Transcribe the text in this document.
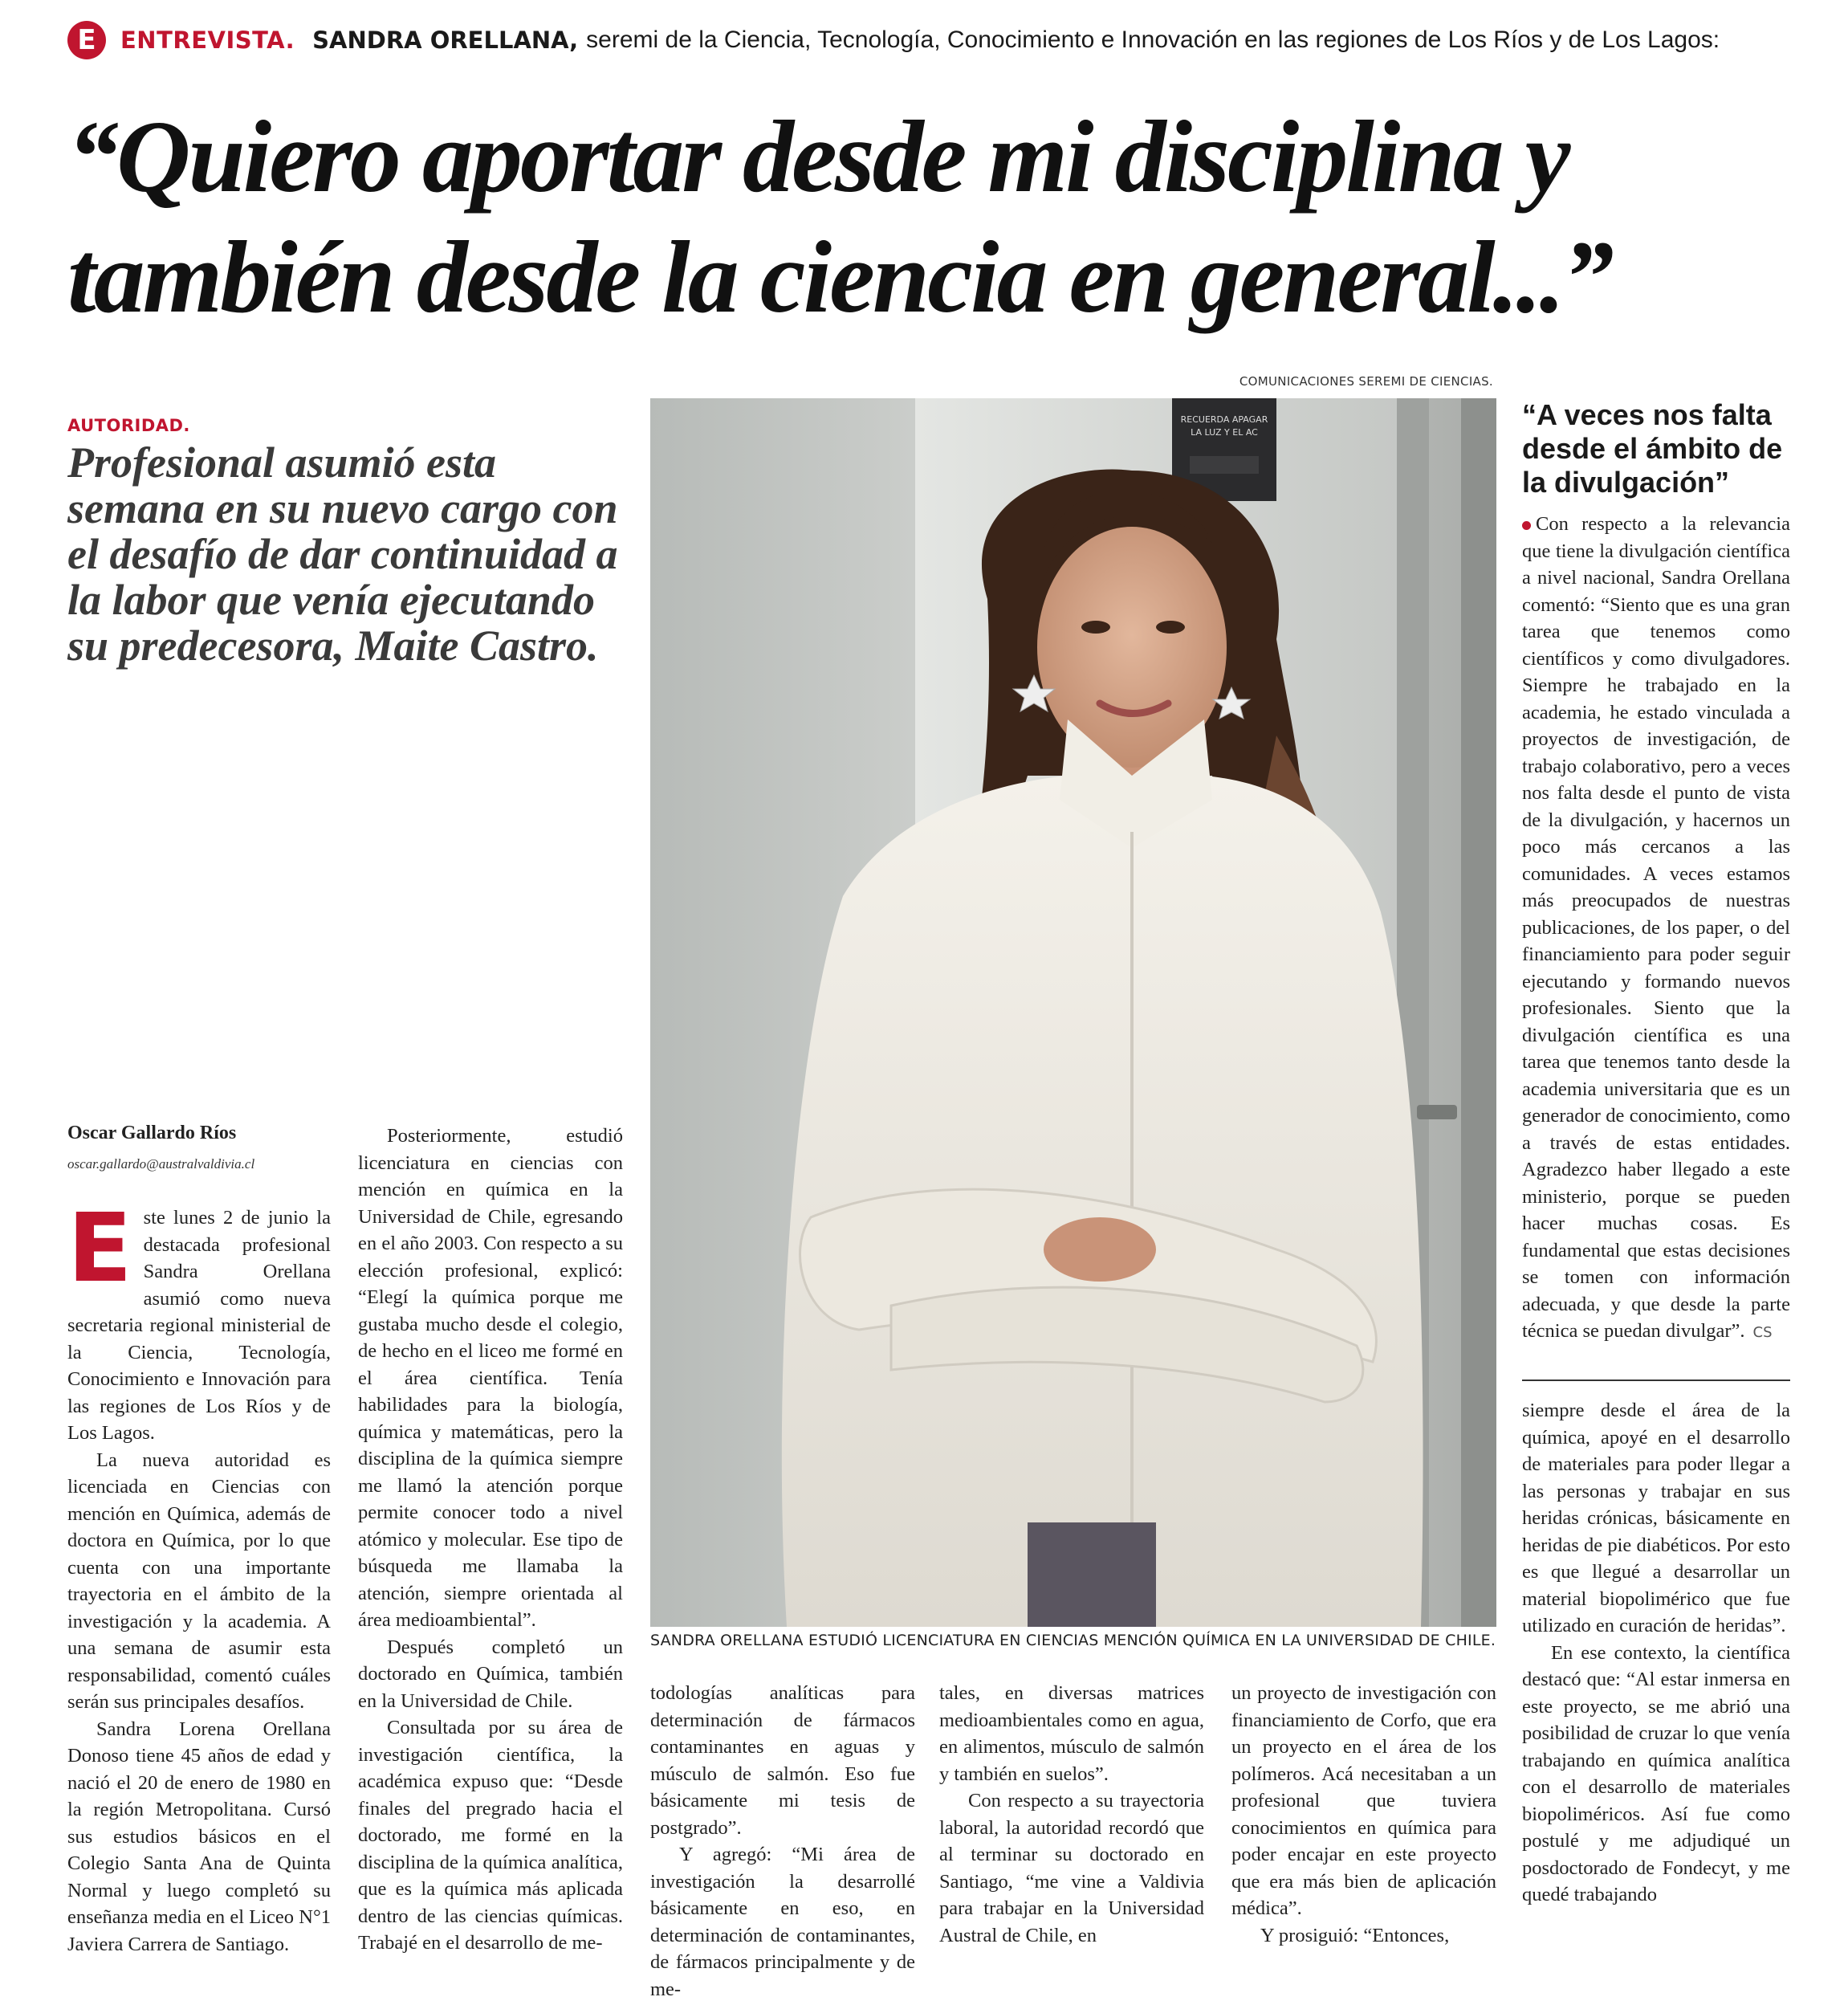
E	ENTREVISTA. SANDRA ORELLANA, seremi de la Ciencia, Tecnología, Conocimiento e Innovación en las regiones de Los Ríos y de Los Lagos:
“Quiero aportar desde mi disciplina y
también desde la ciencia en general...”
COMUNICACIONES SEREMI DE CIENCIAS.
AUTORIDAD.
Profesional asumió esta semana en su nuevo cargo con el desafío de dar continuidad a la labor que venía ejecutando su predecesora, Maite Castro.
RECUERDA APAGAR
LA LUZ Y EL AC
SANDRA ORELLANA ESTUDIÓ LICENCIATURA EN CIENCIAS MENCIÓN QUÍMICA EN LA UNIVERSIDAD DE CHILE.
“A veces nos falta desde el ámbito de la divulgación”
Con respecto a la relevancia que tiene la divulgación científica a nivel nacional, Sandra Orellana comentó: “Siento que es una gran tarea que tenemos como científicos y como divulgadores. Siempre he trabajado en la academia, he estado vinculada a proyectos de investigación, de trabajo colaborativo, pero a veces nos falta desde el punto de vista de la divulgación, y hacernos un poco más cercanos a las comunidades. A veces estamos más preocupados de nuestras publicaciones, de los paper, o del financiamiento para poder seguir ejecutando y formando nuevos profesionales. Siento que la divulgación científica es una tarea que tenemos tanto desde la academia universitaria que es un generador de conocimiento, como a través de estas entidades. Agradezco haber llegado a este ministerio, porque se pueden hacer muchas cosas. Es fundamental que estas decisiones se tomen con información adecuada, y que desde la parte técnica se puedan divulgar”. CS
Oscar Gallardo Ríos
oscar.gallardo@australvaldivia.cl

Este lunes 2 de junio la destacada profesional Sandra Orellana asumió como nueva secretaria regional ministerial de la Ciencia, Tecnología, Conocimiento e Innovación para las regiones de Los Ríos y de Los Lagos.

La nueva autoridad es licenciada en Ciencias con mención en Química, además de doctora en Química, por lo que cuenta con una importante trayectoria en el ámbito de la investigación y la academia. A una semana de asumir esta responsabilidad, comentó cuáles serán sus principales desafíos.

Sandra Lorena Orellana Donoso tiene 45 años de edad y nació el 20 de enero de 1980 en la región Metropolitana. Cursó sus estudios básicos en el Colegio Santa Ana de Quinta Normal y luego completó su enseñanza media en el Liceo N°1 Javiera Carrera de Santiago.

Posteriormente, estudió licenciatura en ciencias con mención en química en la Universidad de Chile, egresando en el año 2003. Con respecto a su elección profesional, explicó: “Elegí la química porque me gustaba mucho desde el colegio, de hecho en el liceo me formé en el área científica. Tenía habilidades para la biología, química y matemáticas, pero la disciplina de la química siempre me llamó la atención porque permite conocer todo a nivel atómico y molecular. Ese tipo de búsqueda me llamaba la atención, siempre orientada al área medioambiental”.

Después completó un doctorado en Química, también en la Universidad de Chile.

Consultada por su área de investigación científica, la académica expuso que: “Desde finales del pregrado hacia el doctorado, me formé en la disciplina de la química analítica, que es la química más aplicada dentro de las ciencias químicas. Trabajé en el desarrollo de me-

todologías analíticas para determinación de fármacos contaminantes en aguas y músculo de salmón. Eso fue básicamente mi tesis de postgrado”.

Y agregó: “Mi área de investigación la desarrollé básicamente en eso, en determinación de contaminantes, de fármacos principalmente y de me-

tales, en diversas matrices medioambientales como en agua, en alimentos, músculo de salmón y también en suelos”.

Con respecto a su trayectoria laboral, la autoridad recordó que al terminar su doctorado en Santiago, “me vine a Valdivia para trabajar en la Universidad Austral de Chile, en

un proyecto de investigación con financiamiento de Corfo, que era un proyecto en el área de los polímeros. Acá necesitaban a un profesional que tuviera conocimientos en química para poder encajar en este proyecto que era más bien de aplicación médica”.

Y prosiguió: “Entonces,

siempre desde el área de la química, apoyé en el desarrollo de materiales para poder llegar a las personas y trabajar en sus heridas crónicas, básicamente en heridas de pie diabéticos. Por esto es que llegué a desarrollar un material biopolimérico que fue utilizado en curación de heridas”.

En ese contexto, la científica destacó que: “Al estar inmersa en este proyecto, se me abrió una posibilidad de cruzar lo que venía trabajando en química analítica con el desarrollo de materiales biopoliméricos. Así fue como postulé y me adjudiqué un posdoctorado de Fondecyt, y me quedé trabajando
